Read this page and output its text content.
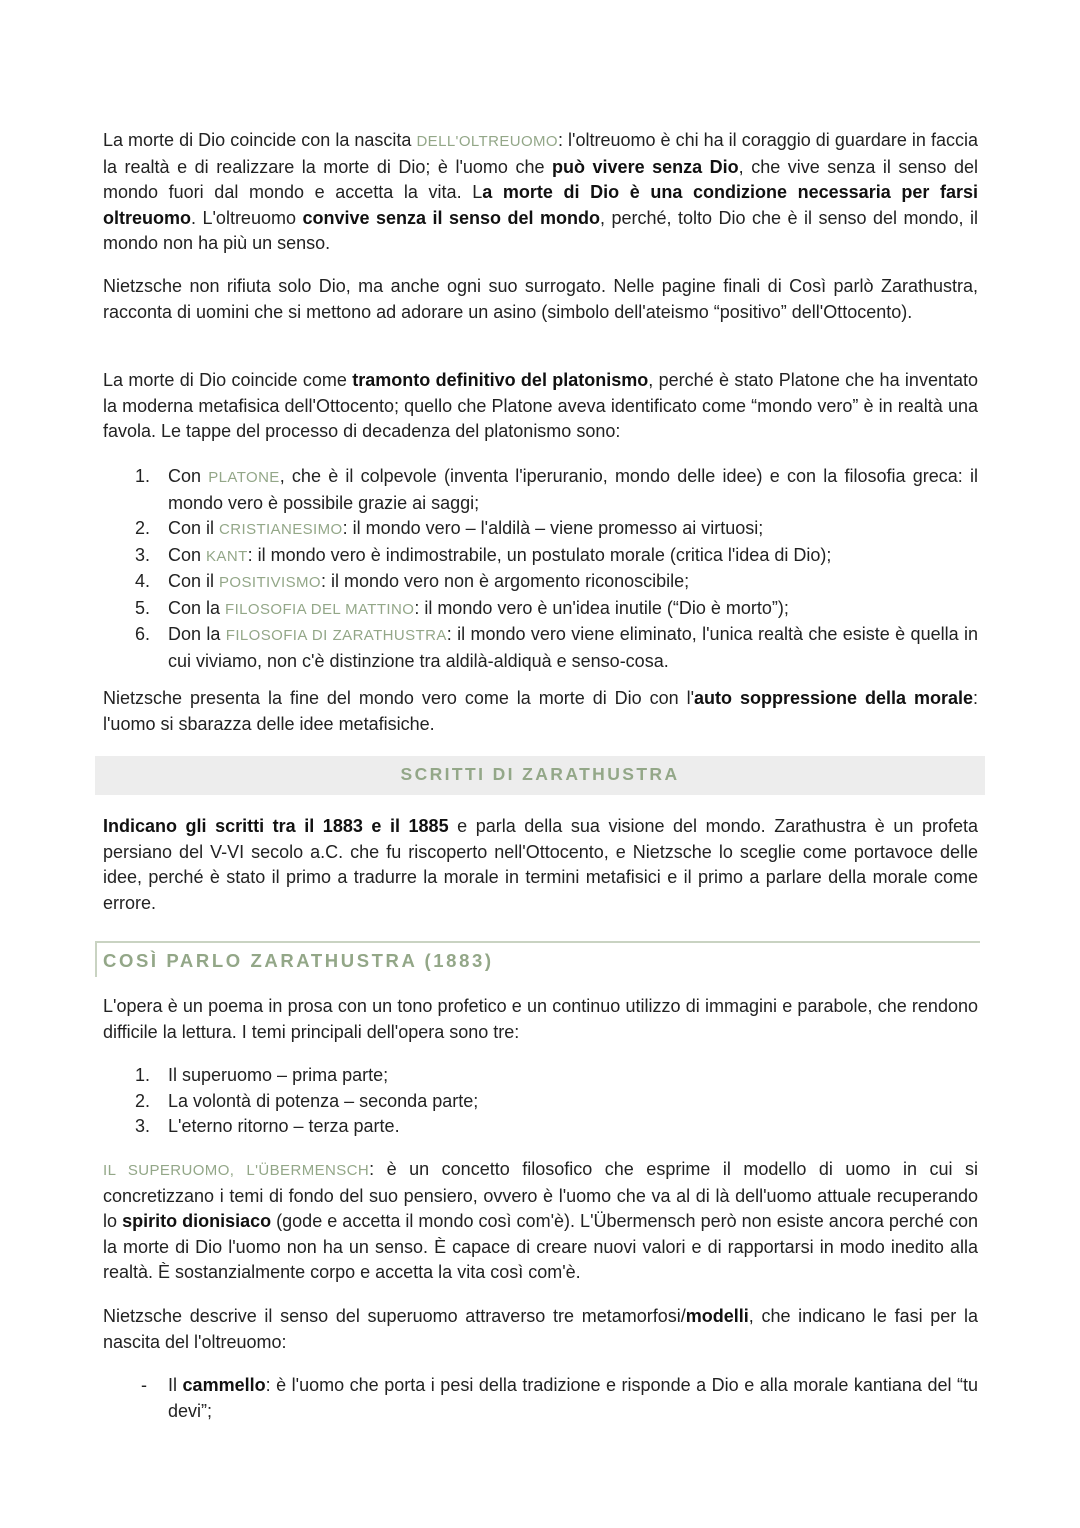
La morte di Dio coincide con la nascita DELL'OLTREUOMO: l'oltreuomo è chi ha il coraggio di guardare in faccia la realtà e di realizzare la morte di Dio; è l'uomo che può vivere senza Dio, che vive senza il senso del mondo fuori dal mondo e accetta la vita. La morte di Dio è una condizione necessaria per farsi oltreuomo. L'oltreuomo convive senza il senso del mondo, perché, tolto Dio che è il senso del mondo, il mondo non ha più un senso.
Nietzsche non rifiuta solo Dio, ma anche ogni suo surrogato. Nelle pagine finali di Così parlò Zarathustra, racconta di uomini che si mettono ad adorare un asino (simbolo dell'ateismo “positivo” dell'Ottocento).
La morte di Dio coincide come tramonto definitivo del platonismo, perché è stato Platone che ha inventato la moderna metafisica dell'Ottocento; quello che Platone aveva identificato come “mondo vero” è in realtà una favola. Le tappe del processo di decadenza del platonismo sono:
1. Con PLATONE, che è il colpevole (inventa l'iperuranio, mondo delle idee) e con la filosofia greca: il mondo vero è possibile grazie ai saggi;
2. Con il CRISTIANESIMO: il mondo vero – l'aldilà – viene promesso ai virtuosi;
3. Con KANT: il mondo vero è indimostrabile, un postulato morale (critica l'idea di Dio);
4. Con il POSITIVISMO: il mondo vero non è argomento riconoscibile;
5. Con la FILOSOFIA DEL MATTINO: il mondo vero è un'idea inutile (“Dio è morto”);
6. Don la FILOSOFIA DI ZARATHUSTRA: il mondo vero viene eliminato, l'unica realtà che esiste è quella in cui viviamo, non c'è distinzione tra aldilà-aldiquà e senso-cosa.
Nietzsche presenta la fine del mondo vero come la morte di Dio con l'auto soppressione della morale: l'uomo si sbarazza delle idee metafisiche.
SCRITTI DI ZARATHUSTRA
Indicano gli scritti tra il 1883 e il 1885 e parla della sua visione del mondo. Zarathustra è un profeta persiano del V-VI secolo a.C. che fu riscoperto nell'Ottocento, e Nietzsche lo sceglie come portavoce delle idee, perché è stato il primo a tradurre la morale in termini metafisici e il primo a parlare della morale come errore.
COSÌ PARLO ZARATHUSTRA (1883)
L'opera è un poema in prosa con un tono profetico e un continuo utilizzo di immagini e parabole, che rendono difficile la lettura. I temi principali dell'opera sono tre:
1. Il superuomo – prima parte;
2. La volontà di potenza – seconda parte;
3. L'eterno ritorno – terza parte.
IL SUPERUOMO, L'ÜBERMENSCH: è un concetto filosofico che esprime il modello di uomo in cui si concretizzano i temi di fondo del suo pensiero, ovvero è l'uomo che va al di là dell'uomo attuale recuperando lo spirito dionisiaco (gode e accetta il mondo così com'è). L'Übermensch però non esiste ancora perché con la morte di Dio l'uomo non ha un senso. È capace di creare nuovi valori e di rapportarsi in modo inedito alla realtà. È sostanzialmente corpo e accetta la vita così com'è.
Nietzsche descrive il senso del superuomo attraverso tre metamorfosi/modelli, che indicano le fasi per la nascita del l'oltreuomo:
- Il cammello: è l'uomo che porta i pesi della tradizione e risponde a Dio e alla morale kantiana del “tu devi”;
